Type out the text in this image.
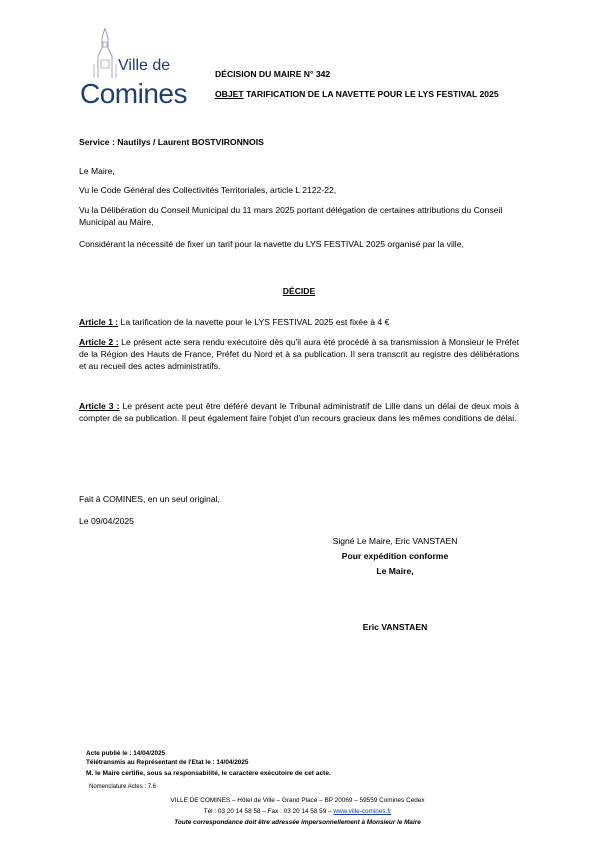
Ville de
Comines
DÉCISION DU MAIRE N° 342
OBJET TARIFICATION DE LA NAVETTE POUR LE LYS FESTIVAL 2025
Service : Nautilys / Laurent BOSTVIRONNOIS
Le Maire,
Vu le Code Général des Collectivités Territoriales, article L 2122-22,
Vu la Délibération du Conseil Municipal du 11 mars 2025 portant délégation de certaines attributions du Conseil Municipal au Maire,
Considérant la nécessité de fixer un tarif pour la navette du LYS FESTIVAL 2025 organisé par la ville,
DÉCIDE
Article 1 : La tarification de la navette pour le LYS FESTIVAL 2025 est fixée à 4 €
Article 2 : Le présent acte sera rendu exécutoire dès qu'il aura été procédé à sa transmission à Monsieur le Préfet de la Région des Hauts de France, Préfet du Nord et à sa publication. Il sera transcrit au registre des délibérations et au recueil des actes administratifs.
Article 3 : Le présent acte peut être déféré devant le Tribunal administratif de Lille dans un délai de deux mois à compter de sa publication. Il peut également faire l'objet d'un recours gracieux dans les mêmes conditions de délai.
Fait à COMINES, en un seul original,
Le 09/04/2025
Signé Le Maire, Eric VANSTAEN
Pour expédition conforme
Le Maire,
Eric VANSTAEN
Acte publié le : 14/04/2025
Télétransmis au Représentant de l'Etat le : 14/04/2025
M. le Maire certifie, sous sa responsabilité, le caractère exécutoire de cet acte.
Nomenclature Actes : 7.6
VILLE DE COMINES – Hôtel de Ville – Grand Place – BP 20069 – 59559 Comines Cedex
Tél : 03 20 14 58 58 – Fax : 03 20 14 58 59 – www.ville-comines.fr
Toute correspondance doit être adressée impersonnellement à Monsieur le Maire
